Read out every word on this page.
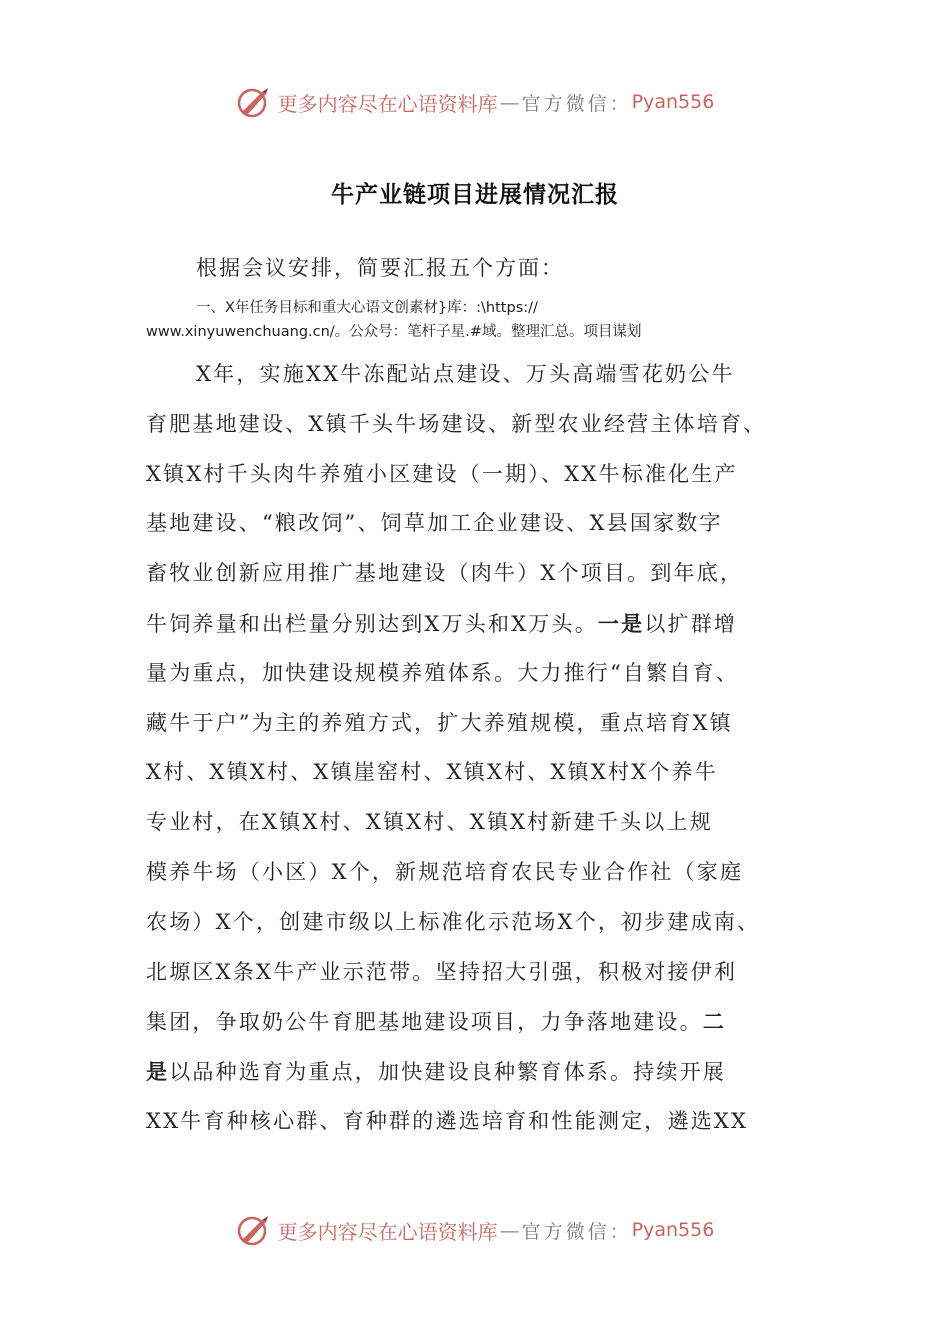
更多内容尽在心语资料库 — 官方微信： Pyan556
牛产业链项目进展情况汇报
根据会议安排，简要汇报五个方面：
一、X年任务目标和重大心语文创素材}库：:\https://
www.xinyuwenchuang.cn/。公众号：笔杆子星.#域。整理汇总。项目谋划
X年，实施XX牛冻配站点建设、万头高端雪花奶公牛
育肥基地建设、X镇千头牛场建设、新型农业经营主体培育、
X镇X村千头肉牛养殖小区建设（一期）、XX牛标准化生产
基地建设、“粮改饲”、饲草加工企业建设、X县国家数字
畜牧业创新应用推广基地建设（肉牛）X个项目。到年底，
牛饲养量和出栏量分别达到X万头和X万头。一是以扩群增
量为重点，加快建设规模养殖体系。大力推行“自繁自育、
藏牛于户”为主的养殖方式，扩大养殖规模，重点培育X镇
X村、X镇X村、X镇崖窑村、X镇X村、X镇X村X个养牛
专业村，在X镇X村、X镇X村、X镇X村新建千头以上规
模养牛场（小区）X个，新规范培育农民专业合作社（家庭
农场）X个，创建市级以上标准化示范场X个，初步建成南、
北塬区X条X牛产业示范带。坚持招大引强，积极对接伊利
集团，争取奶公牛育肥基地建设项目，力争落地建设。二
是以品种选育为重点，加快建设良种繁育体系。持续开展
XX牛育种核心群、育种群的遴选培育和性能测定，遴选XX
更多内容尽在心语资料库 — 官方微信： Pyan556
